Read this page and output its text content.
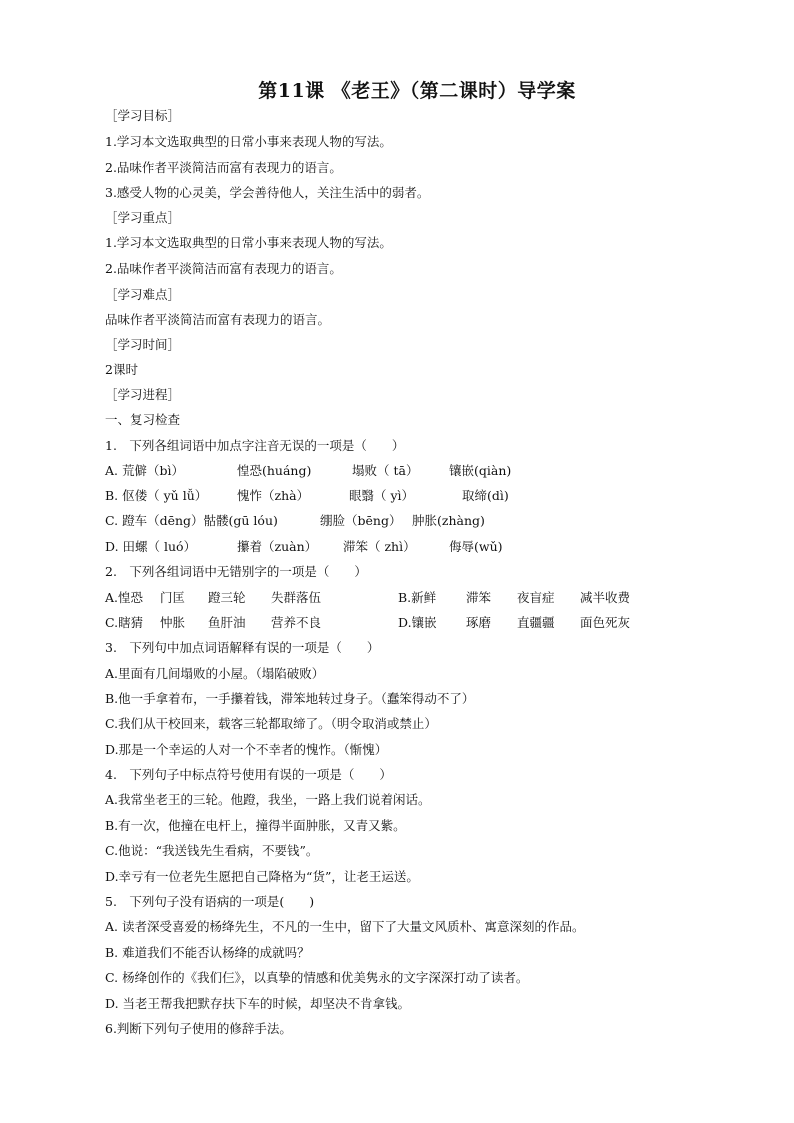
第11课 《老王》（第二课时）导学案
［学习目标］
1.学习本文选取典型的日常小事来表现人物的写法。
2.品味作者平淡简洁而富有表现力的语言。
3.感受人物的心灵美，学会善待他人，关注生活中的弱者。
［学习重点］
1.学习本文选取典型的日常小事来表现人物的写法。
2.品味作者平淡简洁而富有表现力的语言。
［学习难点］
品味作者平淡简洁而富有表现力的语言。
［学习时间］
2课时
［学习进程］
一、复习检查
1.　下列各组词语中加点字注音无误的一项是（　　）
A. 荒僻（bì）	惶恐(huáng)	塌败（ tā） 镶嵌(qiàn)
B. 伛偻（ yǔ lǚ） 愧怍（zhà）	眼翳（ yì）	取缔(dì)
C. 蹬车（dēng）骷髅(gū lóu)	绷脸（bēng） 肿胀(zhàng)
D. 田螺（ luó）	攥着（zuàn） 滞笨（ zhì）	侮辱(wǔ)
2.　下列各组词语中无错别字的一项是（　　）
A.惶恐 门匡 蹬三轮 失群落伍	B.新鲜 滞笨 夜盲症 减半收费
C.瞎猜 忡胀 鱼肝油 营养不良	D.镶嵌 琢磨 直疆疆 面色死灰
3.　下列句中加点词语解释有误的一项是（　　）
A.里面有几间塌败的小屋。（塌陷破败）
B.他一手拿着布，一手攥着钱，滞笨地转过身子。（蠢笨得动不了）
C.我们从干校回来，载客三轮都取缔了。（明令取消或禁止）
D.那是一个幸运的人对一个不幸者的愧怍。（惭愧）
4.　下列句子中标点符号使用有误的一项是（　　）
A.我常坐老王的三轮。他蹬，我坐，一路上我们说着闲话。
B.有一次，他撞在电杆上，撞得半面肿胀，又青又紫。
C.他说：“我送钱先生看病，不要钱”。
D.幸亏有一位老先生愿把自己降格为“货”，让老王运送。
5.　下列句子没有语病的一项是(　　)
A. 读者深受喜爱的杨绛先生，不凡的一生中，留下了大量文风质朴、寓意深刻的作品。
B. 难道我们不能否认杨绛的成就吗？
C. 杨绛创作的《我们仨》，以真挚的情感和优美隽永的文字深深打动了读者。
D. 当老王帮我把默存扶下车的时候，却坚决不肯拿钱。
6.判断下列句子使用的修辞手法。
